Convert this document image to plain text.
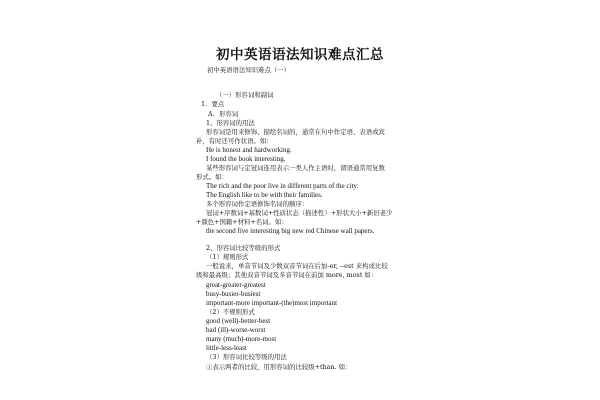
初中英语语法知识难点汇总
初中英语语法知识难点（一）
（一）形容词和副词
1．要点
A．形容词
1、形容词的用法
形容词是用来修饰、描绘名词的，通常在句中作定语、表语或宾
补，有时还可作状语。如：
He is honest and hardworking.
I found the book interesting.
某些形容词与定冠词连用表示一类人作主语时，谓语通常用复数
形式。如：
The rich and the poor live in different parts of the city.
The English like to be with their families.
多个形容词作定语修饰名词的顺序：
冠词+序数词+基数词+性质状态（描述性）+形状大小+新旧老少
+颜色+国籍+材料+名词。如：
the second five interesting big new red Chinese wall papers.
2、形容词比较等级的形式
（1）规则形式
一般说来，单音节词及少数双音节词在后加-er, --est 来构成比较
级和最高级；其他双音节词及多音节词在前加 more, most 如：
great-greater-greatest
busy-busier-busiest
important-more important-(the)most important
（2）不规则形式
good (well)-better-best
bad (ill)-worse-worst
many (much)-more-most
little-less-least
（3）形容词比较等级的用法
①表示两者的比较，用形容词的比较级+than. 如：
